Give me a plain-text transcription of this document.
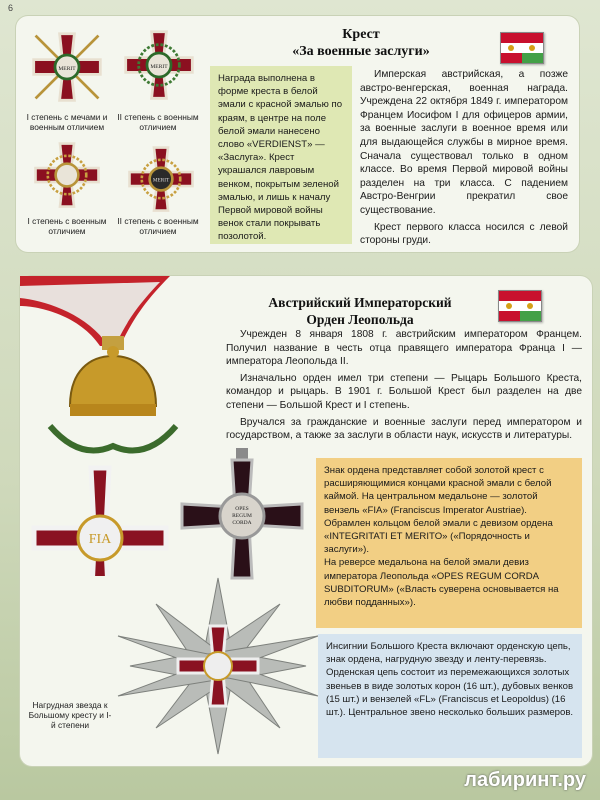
6
Крест
«За военные заслуги»
MERIT	MERIT
MERIT
I степень с мечами и военным отличием
II степень с военным отличием
I степень с военным отличием
II степень с военным отличием
Награда выполнена в форме креста в белой эмали с красной эмалью по краям, в центре на поле белой эмали нанесено слово «VERDIENST» — «Заслуга». Крест украшался лавровым венком, покрытым зеленой эмалью, и лишь к началу Первой мировой войны венок стали покрывать позолотой.

Имперская австрийская, а позже австро-венгерская, военная награда. Учреждена 22 октября 1849 г. императором Францем Иосифом I для офицеров армии, за военные заслуги в военное время или для выдающейся службы в мирное время. Сначала существовал только в одном классе. Во время Первой мировой войны разделен на три класса. С падением Австро-Венгрии прекратил свое существование.

Крест первого класса носился с левой стороны груди.

Австрийский Императорский
Орден Леопольда
FIA
OPES
REGUM
CORDA
Нагрудная звезда к Большому кресту и I-й степени

Учрежден 8 января 1808 г. австрийским императором Францем. Получил название в честь отца правящего императора Франца I — императора Леопольда II.

Изначально орден имел три степени — Рыцарь Большого Креста, командор и рыцарь. В 1901 г. Большой Крест был разделен на две степени — Большой Крест и I степень.

Вручался за гражданские и военные заслуги перед императором и государством, а также за заслуги в области наук, искусств и литературы.

Знак ордена представляет собой золотой крест с расширяющимися концами красной эмали с белой каймой. На центральном медальоне — золотой вензель «FIA» (Franciscus Imperator Austriae). Обрамлен кольцом белой эмали с девизом ордена «INTEGRITATI ET MERITO» («Порядочность и заслуги»).
На реверсе медальона на белой эмали девиз императора Леопольда «OPES REGUM CORDA SUBDITORUM» («Власть суверена основывается на любви подданных»).
Инсигнии Большого Креста включают орденскую цепь, знак ордена, нагрудную звезду и ленту-перевязь. Орденская цепь состоит из перемежающихся золотых звеньев в виде золотых корон (16 шт.), дубовых венков (15 шт.) и вензелей «FL» (Franciscus et Leopoldus) (16 шт.). Центральное звено несколько больших размеров.
лабиринт.ру
